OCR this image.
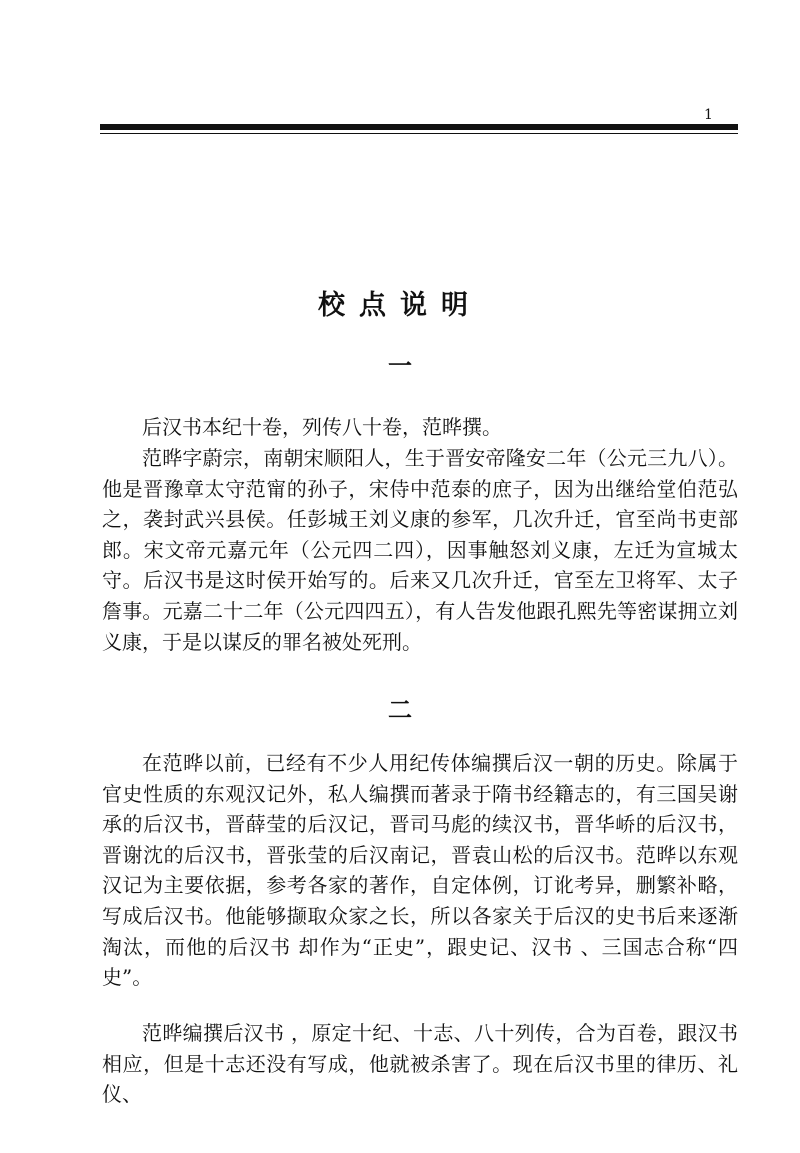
1
校点说明
一

后汉书本纪十卷，列传八十卷，范晔撰。

范晔字蔚宗，南朝宋顺阳人，生于晋安帝隆安二年（公元三九八）。他是晋豫章太守范甯的孙子，宋侍中范泰的庶子，因为出继给堂伯范弘之，袭封武兴县侯。任彭城王刘义康的参军，几次升迁，官至尚书吏部郎。宋文帝元嘉元年（公元四二四），因事触怒刘义康，左迁为宣城太守。后汉书是这时侯开始写的。后来又几次升迁，官至左卫将军、太子詹事。元嘉二十二年（公元四四五），有人告发他跟孔熙先等密谋拥立刘义康，于是以谋反的罪名被处死刑。

二

在范晔以前，已经有不少人用纪传体编撰后汉一朝的历史。除属于官史性质的东观汉记外，私人编撰而著录于隋书经籍志的，有三国吴谢承的后汉书，晋薛莹的后汉记，晋司马彪的续汉书，晋华峤的后汉书，晋谢沈的后汉书，晋张莹的后汉南记，晋袁山松的后汉书。范晔以东观汉记为主要依据，参考各家的著作，自定体例，订讹考异，删繁补略，写成后汉书。他能够撷取众家之长，所以各家关于后汉的史书后来逐渐淘汰，而他的后汉书 却作为“正史”，跟史记、汉书 、三国志合称“四史”。

范晔编撰后汉书 ，原定十纪、十志、八十列传，合为百卷，跟汉书相应，但是十志还没有写成，他就被杀害了。现在后汉书里的律历、礼仪、
